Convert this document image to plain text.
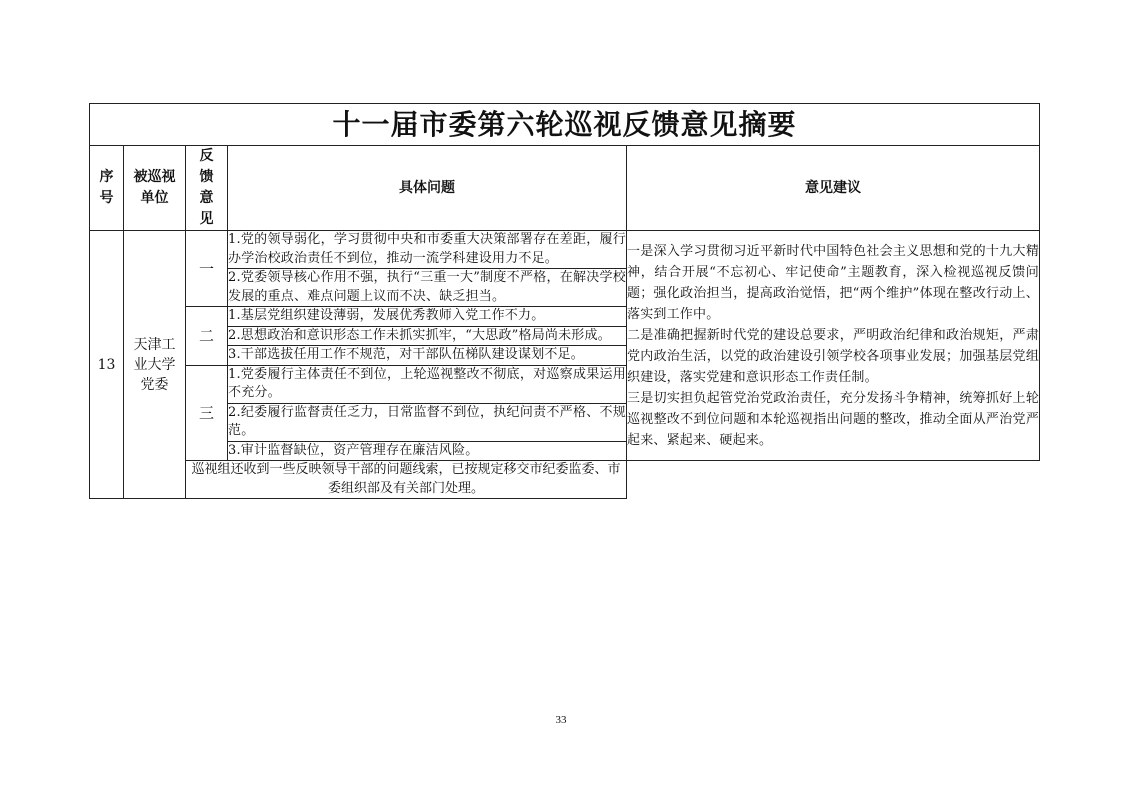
十一届市委第六轮巡视反馈意见摘要				

序号	被巡视单位	反馈意见	具体问题	意见建议
13	天津工业大学党委	一	1.党的领导弱化，学习贯彻中央和市委重大决策部署存在差距，履行办学治校政治责任不到位，推动一流学科建设用力不足。	一是深入学习贯彻习近平新时代中国特色社会主义思想和党的十九大精神，结合开展“不忘初心、牢记使命”主题教育，深入检视巡视反馈问题；强化政治担当，提高政治觉悟，把“两个维护”体现在整改行动上、落实到工作中。
二是准确把握新时代党的建设总要求，严明政治纪律和政治规矩，严肃党内政治生活，以党的政治建设引领学校各项事业发展；加强基层党组织建设，落实党建和意识形态工作责任制。
三是切实担负起管党治党政治责任，充分发扬斗争精神，统筹抓好上轮巡视整改不到位问题和本轮巡视指出问题的整改，推动全面从严治党严起来、紧起来、硬起来。

			2.党委领导核心作用不强，执行“三重一大”制度不严格，在解决学校发展的重点、难点问题上议而不决、缺乏担当。	
		二	1.基层党组织建设薄弱，发展优秀教师入党工作不力。	
			2.思想政治和意识形态工作未抓实抓牢，“大思政”格局尚未形成。	
			3.干部选拔任用工作不规范，对干部队伍梯队建设谋划不足。	
		三	1.党委履行主体责任不到位，上轮巡视整改不彻底，对巡察成果运用不充分。	
			2.纪委履行监督责任乏力，日常监督不到位，执纪问责不严格、不规范。	
			3.审计监督缺位，资产管理存在廉洁风险。	
		巡视组还收到一些反映领导干部的问题线索，已按规定移交市纪委监委、市委组织部及有关部门处理。		
33
